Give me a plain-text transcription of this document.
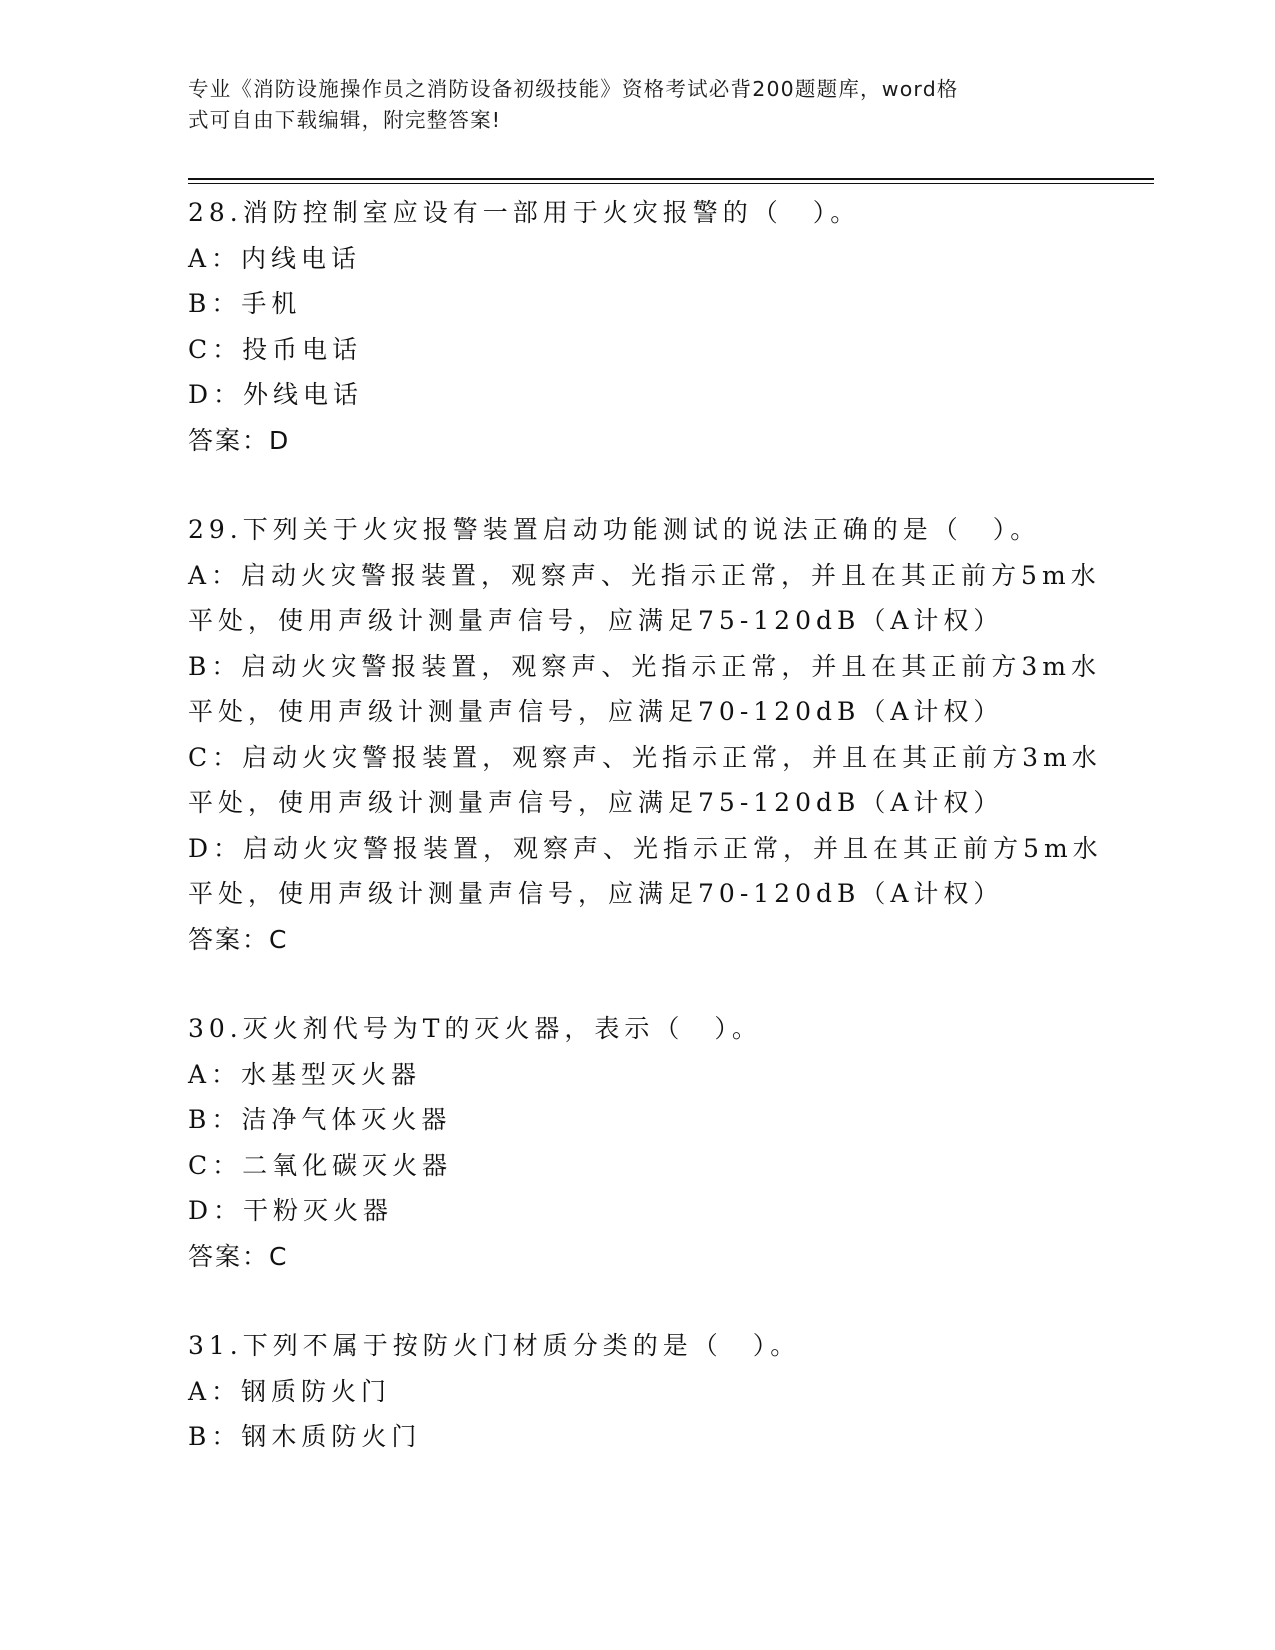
专业《消防设施操作员之消防设备初级技能》资格考试必背200题题库，word格
式可自由下载编辑，附完整答案!
28.消防控制室应设有一部用于火灾报警的（　）。
A：内线电话
B：手机
C：投币电话
D：外线电话
答案：D
29.下列关于火灾报警装置启动功能测试的说法正确的是（　）。
A：启动火灾警报装置，观察声、光指示正常，并且在其正前方5m水
平处，使用声级计测量声信号，应满足75-120dB（A计权）
B：启动火灾警报装置，观察声、光指示正常，并且在其正前方3m水
平处，使用声级计测量声信号，应满足70-120dB（A计权）
C：启动火灾警报装置，观察声、光指示正常，并且在其正前方3m水
平处，使用声级计测量声信号，应满足75-120dB（A计权）
D：启动火灾警报装置，观察声、光指示正常，并且在其正前方5m水
平处，使用声级计测量声信号，应满足70-120dB（A计权）
答案：C
30.灭火剂代号为T的灭火器，表示（　）。
A：水基型灭火器
B：洁净气体灭火器
C：二氧化碳灭火器
D：干粉灭火器
答案：C
31.下列不属于按防火门材质分类的是（　）。
A：钢质防火门
B：钢木质防火门
